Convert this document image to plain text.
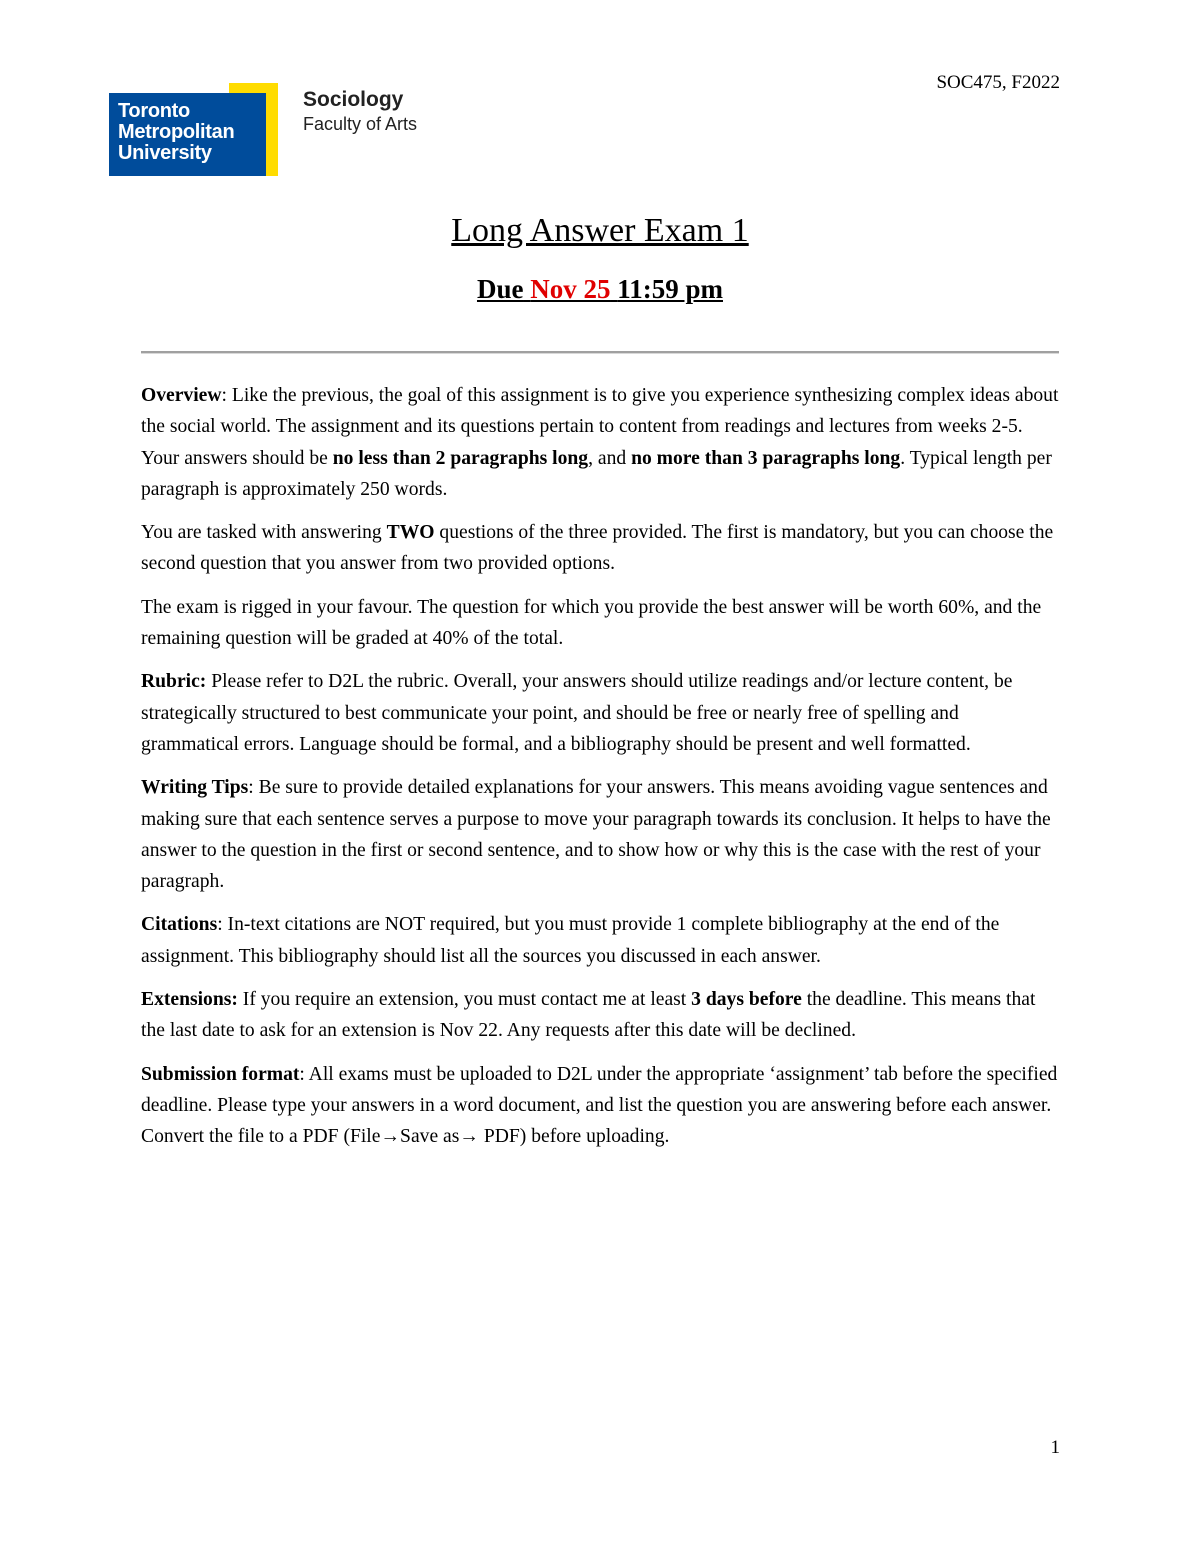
SOC475, F2022
Toronto
Metropolitan
University
Sociology
Faculty of Arts
Long Answer Exam 1
Due Nov 25 11:59 pm

Overview: Like the previous, the goal of this assignment is to give you experience synthesizing complex ideas about the social world. The assignment and its questions pertain to content from readings and lectures from weeks 2-5. Your answers should be no less than 2 paragraphs long, and no more than 3 paragraphs long. Typical length per paragraph is approximately 250 words.

You are tasked with answering TWO questions of the three provided. The first is mandatory, but you can choose the second question that you answer from two provided options.

The exam is rigged in your favour. The question for which you provide the best answer will be worth 60%, and the remaining question will be graded at 40% of the total.

Rubric: Please refer to D2L the rubric. Overall, your answers should utilize readings and/or lecture content, be strategically structured to best communicate your point, and should be free or nearly free of spelling and grammatical errors. Language should be formal, and a bibliography should be present and well formatted.

Writing Tips: Be sure to provide detailed explanations for your answers. This means avoiding vague sentences and making sure that each sentence serves a purpose to move your paragraph towards its conclusion. It helps to have the answer to the question in the first or second sentence, and to show how or why this is the case with the rest of your paragraph.

Citations: In-text citations are NOT required, but you must provide 1 complete bibliography at the end of the assignment. This bibliography should list all the sources you discussed in each answer.

Extensions: If you require an extension, you must contact me at least 3 days before the deadline. This means that the last date to ask for an extension is Nov 22. Any requests after this date will be declined.

Submission format: All exams must be uploaded to D2L under the appropriate ‘assignment’ tab before the specified deadline. Please type your answers in a word document, and list the question you are answering before each answer. Convert the file to a PDF (File→Save as→ PDF) before uploading.

1
